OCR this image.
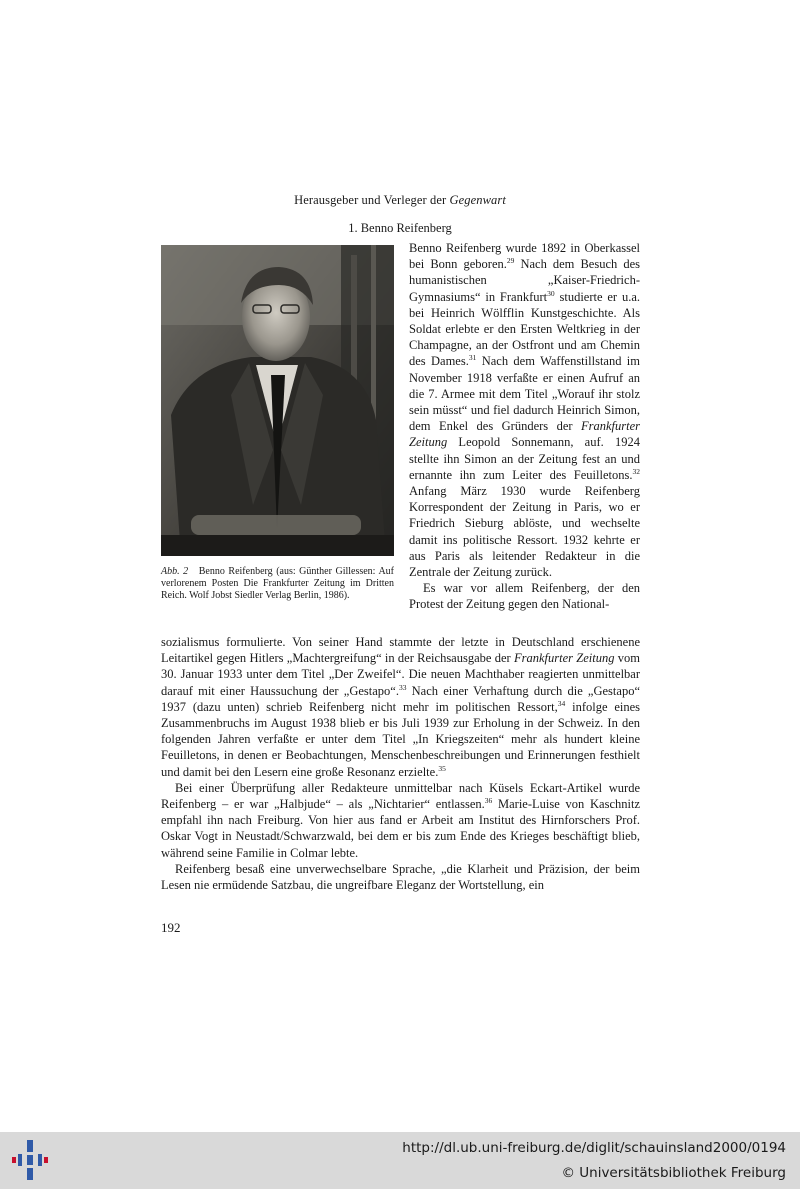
Herausgeber und Verleger der Gegenwart
1. Benno Reifenberg
Abb. 2 Benno Reifenberg (aus: Günther Gillessen: Auf verlorenem Posten Die Frankfurter Zeitung im Dritten Reich. Wolf Jobst Siedler Verlag Berlin, 1986).

Benno Reifenberg wurde 1892 in Oberkassel bei Bonn geboren.$^{29}$ Nach dem Besuch des humanistischen „Kaiser-Friedrich-Gymnasiums“ in Frankfurt$^{30}$ studierte er u.a. bei Heinrich Wölfflin Kunstgeschichte. Als Soldat erlebte er den Ersten Weltkrieg in der Champagne, an der Ostfront und am Chemin des Dames.$^{31}$ Nach dem Waffenstillstand im November 1918 verfaßte er einen Aufruf an die 7. Armee mit dem Titel „Worauf ihr stolz sein müsst“ und fiel dadurch Heinrich Simon, dem Enkel des Gründers der Frankfurter Zeitung Leopold Sonnemann, auf. 1924 stellte ihn Simon an der Zeitung fest an und ernannte ihn zum Leiter des Feuilletons.$^{32}$ Anfang März 1930 wurde Reifenberg Korrespondent der Zeitung in Paris, wo er Friedrich Sieburg ablöste, und wechselte damit ins politische Ressort. 1932 kehrte er aus Paris als leitender Redakteur in die Zentrale der Zeitung zurück.

Es war vor allem Reifenberg, der den Protest der Zeitung gegen den National-

sozialismus formulierte. Von seiner Hand stammte der letzte in Deutschland erschienene Leitartikel gegen Hitlers „Machtergreifung“ in der Reichsausgabe der Frankfurter Zeitung vom 30. Januar 1933 unter dem Titel „Der Zweifel“. Die neuen Machthaber reagierten unmittelbar darauf mit einer Haussuchung der „Gestapo“.$^{33}$ Nach einer Verhaftung durch die „Gestapo“ 1937 (dazu unten) schrieb Reifenberg nicht mehr im politischen Ressort,$^{34}$ infolge eines Zusammenbruchs im August 1938 blieb er bis Juli 1939 zur Erholung in der Schweiz. In den folgenden Jahren verfaßte er unter dem Titel „In Kriegszeiten“ mehr als hundert kleine Feuilletons, in denen er Beobachtungen, Menschenbeschreibungen und Erinnerungen festhielt und damit bei den Lesern eine große Resonanz erzielte.$^{35}$

Bei einer Überprüfung aller Redakteure unmittelbar nach Küsels Eckart-Artikel wurde Reifenberg – er war „Halbjude“ – als „Nichtarier“ entlassen.$^{36}$ Marie-Luise von Kaschnitz empfahl ihn nach Freiburg. Von hier aus fand er Arbeit am Institut des Hirnforschers Prof. Oskar Vogt in Neustadt/Schwarzwald, bei dem er bis zum Ende des Krieges beschäftigt blieb, während seine Familie in Colmar lebte.

Reifenberg besaß eine unverwechselbare Sprache, „die Klarheit und Präzision, der beim Lesen nie ermüdende Satzbau, die ungreifbare Eleganz der Wortstellung, ein

192
http://dl.ub.uni-freiburg.de/diglit/schauinsland2000/0194
© Universitätsbibliothek Freiburg
